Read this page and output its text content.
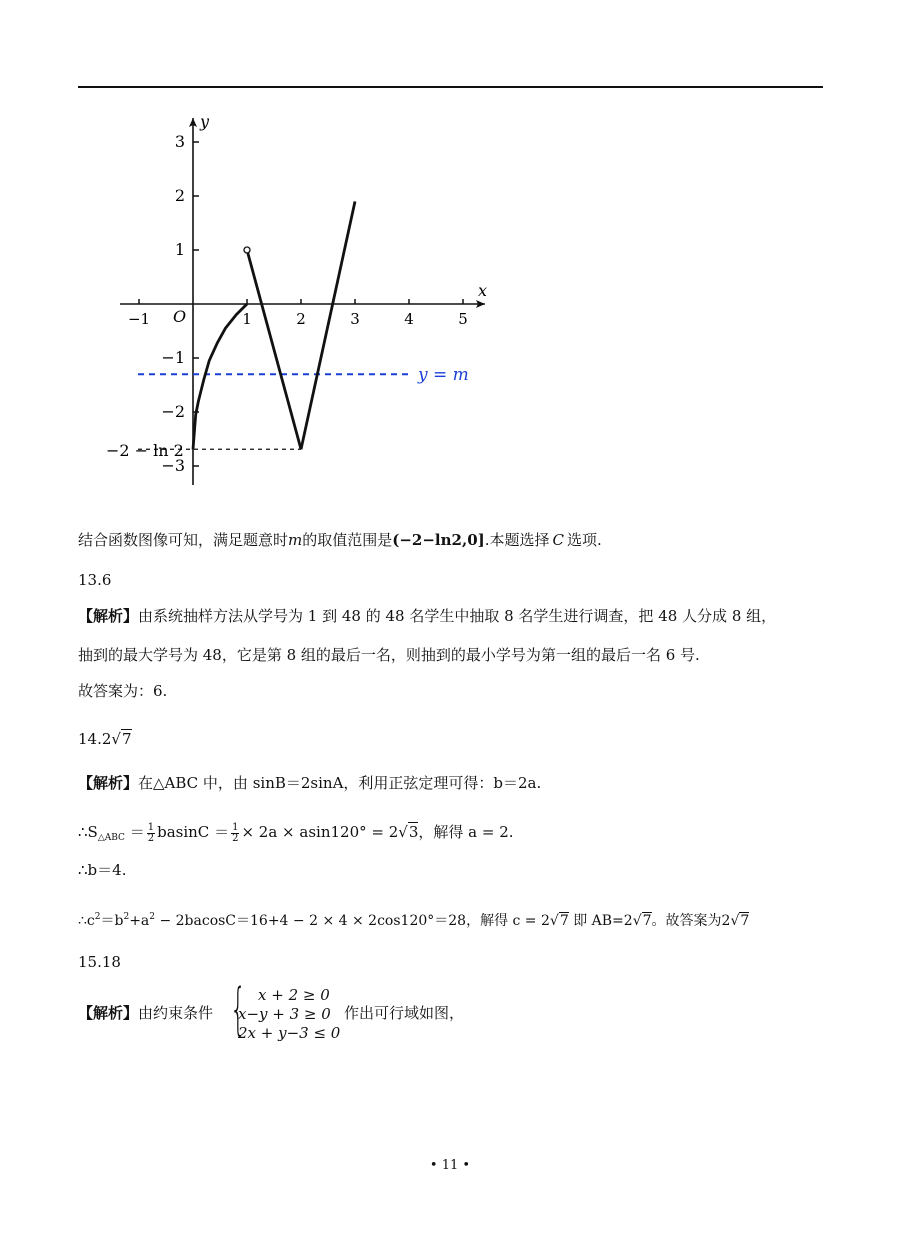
−1	1	2	3	4	5
3
2
1
−1
−2
−3
x
y
O
−2 − ln 2
y = m
结合函数图像可知，满足题意时m的取值范围是(−2−ln2,0].本题选择 C 选项.
13.6
【解析】由系统抽样方法从学号为 1 到 48 的 48 名学生中抽取 8 名学生进行调查，把 48 人分成 8 组，
抽到的最大学号为 48，它是第 8 组的最后一名，则抽到的最小学号为第一组的最后一名 6 号.
故答案为：6.
14.2√7
【解析】在△ABC 中，由 sinB＝2sinA，利用正弦定理可得：b＝2a.
$\therefore S_{\triangle ABC} = \frac{1}{2}$ $basinC = \frac{1}{2} \times 2a \times asin120^\circ = 2√3$，解得 a = 2.
∴b＝4.
$\therefore c^2=b^2+a^2 - 2bacosC=16+4 - 2 \times 4 \times 2\cos 120^\circ=28$，解得 c = 2√7 即 AB=2√7。故答案为2√7
15.18
【解析】由约束条件 { x + 2 ≥ 0
x−y + 3 ≥ 0
2x + y−3 ≤ 0
作出可行域如图，
• 11 •
